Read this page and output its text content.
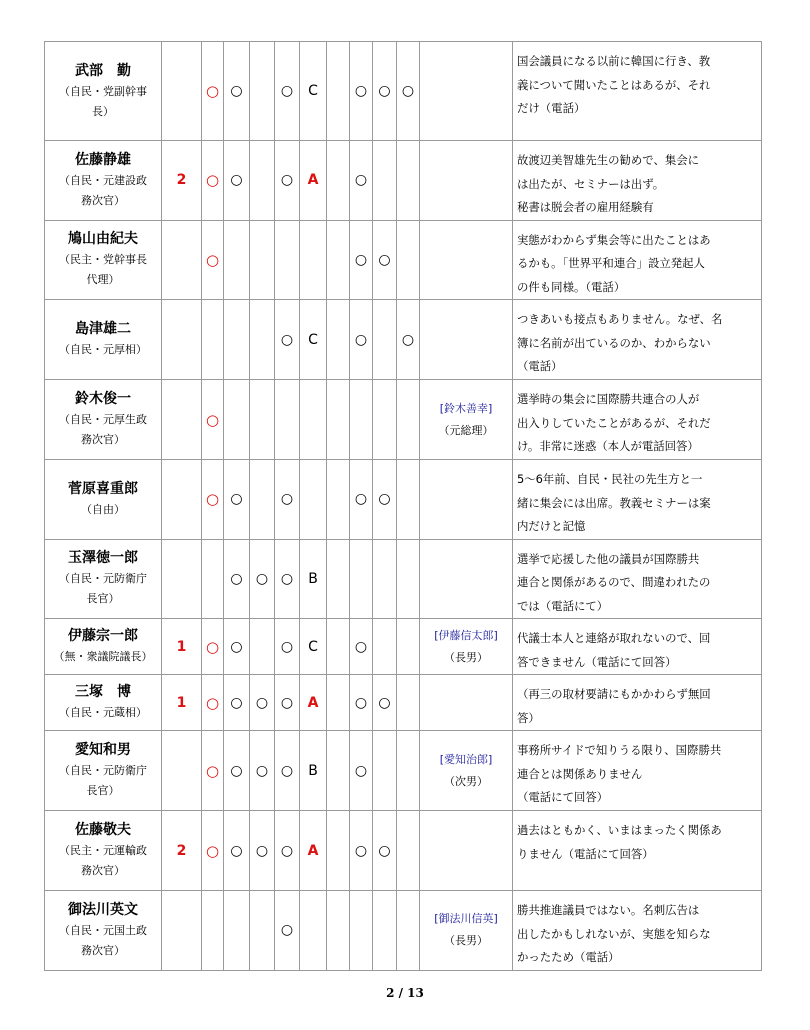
武部　勤
（自民・党副幹事
長）		○	○		○	C		○	○	○		国会議員になる以前に韓国に行き、教
義について聞いたことはあるが、それ
だけ（電話）

佐藤静雄
（自民・元建設政
務次官）	2	○	○		○	A		○				故渡辺美智雄先生の勧めで、集会に
は出たが、セミナーは出ず。
秘書は脱会者の雇用経験有

鳩山由紀夫
（民主・党幹事長
代理）		○						○	○			実態がわからず集会等に出たことはあ
るかも。「世界平和連合」設立発起人
の件も同様。（電話）

島津雄二
（自民・元厚相）					○	C		○		○		つきあいも接点もありません。なぜ、名
簿に名前が出ているのか、わからない
（電話）

鈴木俊一
（自民・元厚生政
務次官）		○									[鈴木善幸]
（元総理）	選挙時の集会に国際勝共連合の人が
出入りしていたことがあるが、それだ
け。非常に迷惑（本人が電話回答）

菅原喜重郎
（自由）		○	○		○			○	○			5～6年前、自民・民社の先生方と一
緒に集会には出席。教義セミナーは案
内だけと記憶

玉澤徳一郎
（自民・元防衛庁
長官）			○	○	○	B						選挙で応援した他の議員が国際勝共
連合と関係があるので、間違われたの
では（電話にて）

伊藤宗一郎
（無・衆議院議長）	1	○	○		○	C		○			[伊藤信太郎]
（長男）	代議士本人と連絡が取れないので、回
答できません（電話にて回答）

三塚　博
（自民・元蔵相）	1	○	○	○	○	A		○	○			（再三の取材要請にもかかわらず無回
答）

愛知和男
（自民・元防衛庁
長官）		○	○	○	○	B		○			[愛知治郎]
（次男）	事務所サイドで知りうる限り、国際勝共
連合とは関係ありません
（電話にて回答）

佐藤敬夫
（民主・元運輸政
務次官）	2	○	○	○	○	A		○	○			過去はともかく、いまはまったく関係あ
りません（電話にて回答）

御法川英文
（自民・元国土政
務次官）					○						[御法川信英]
（長男）	勝共推進議員ではない。名刺広告は
出したかもしれないが、実態を知らな
かったため（電話）
2 / 13
